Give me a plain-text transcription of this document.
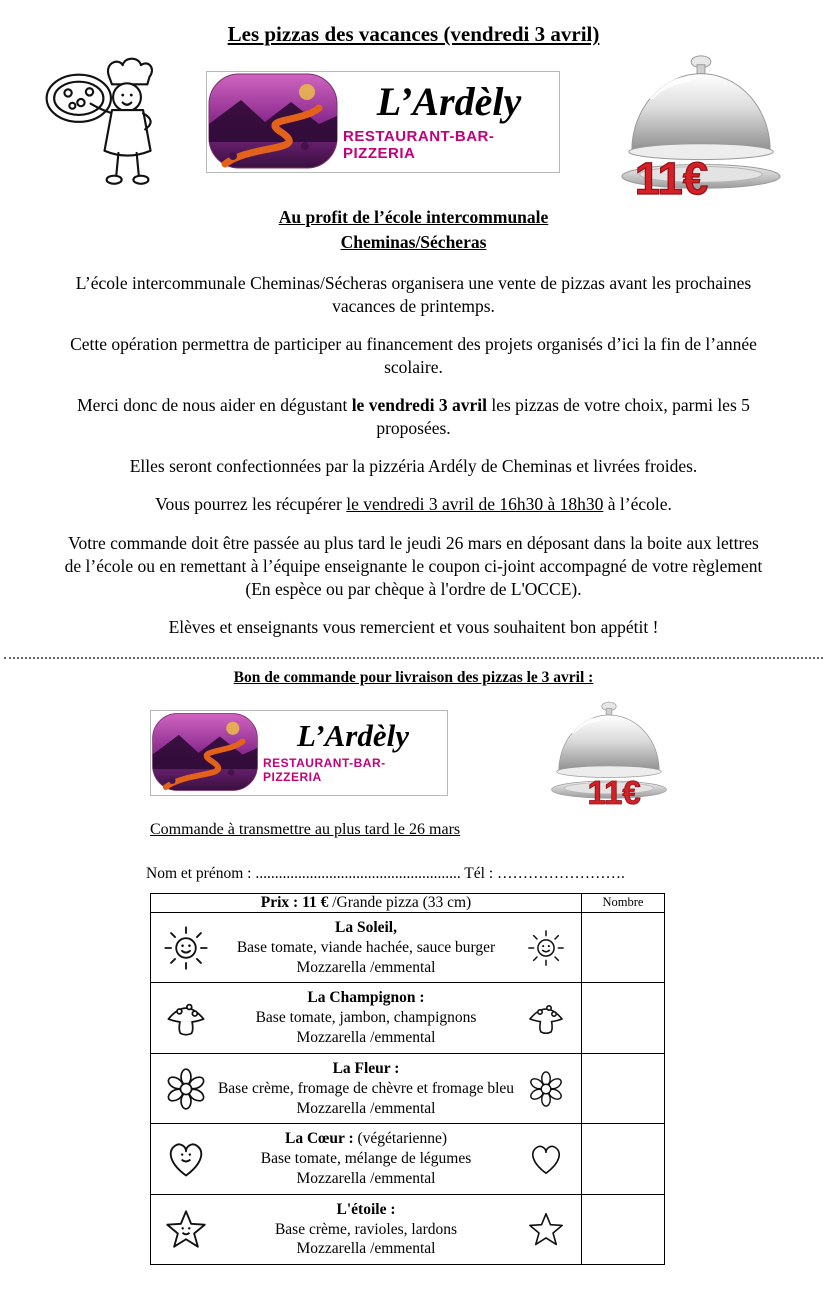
Les pizzas des vacances (vendredi 3 avril)
L’Ardèly
RESTAURANT-BAR-PIZZERIA
11€
Au profit de l’école intercommunale
Cheminas/Sécheras

L’école intercommunale Cheminas/Sécheras organisera une vente de pizzas avant les prochaines vacances de printemps.

Cette opération permettra de participer au financement des projets organisés d’ici la fin de l’année scolaire.

Merci donc de nous aider en dégustant le vendredi 3 avril les pizzas de votre choix, parmi les 5 proposées.

Elles seront confectionnées par la pizzéria Ardély de Cheminas et livrées froides.

Vous pourrez les récupérer le vendredi 3 avril de 16h30 à 18h30 à l’école.

Votre commande doit être passée au plus tard le jeudi 26 mars en déposant dans la boite aux lettres de l’école ou en remettant à l’équipe enseignante le coupon ci-joint accompagné de votre règlement (En espèce ou par chèque à l'ordre de L'OCCE).

Elèves et enseignants vous remercient et vous souhaitent bon appétit !

Bon de commande pour livraison des pizzas le 3 avril :
L’Ardèly
RESTAURANT-BAR-PIZZERIA	11€
Commande à transmettre au plus tard le 26 mars
Nom et prénom : ..................................................... Tél : …………………….
Prix : 11 € /Grande pizza (33 cm)	Nombre

La Soleil,
Base tomate, viande hachée, sauce burger
Mozzarella /emmental	

La Champignon :
Base tomate, jambon, champignons
Mozzarella /emmental	

La Fleur :
Base crème, fromage de chèvre et fromage bleu
Mozzarella /emmental	

La Cœur : (végétarienne)
Base tomate, mélange de légumes
Mozzarella /emmental	

L'étoile :
Base crème, ravioles, lardons
Mozzarella /emmental	
